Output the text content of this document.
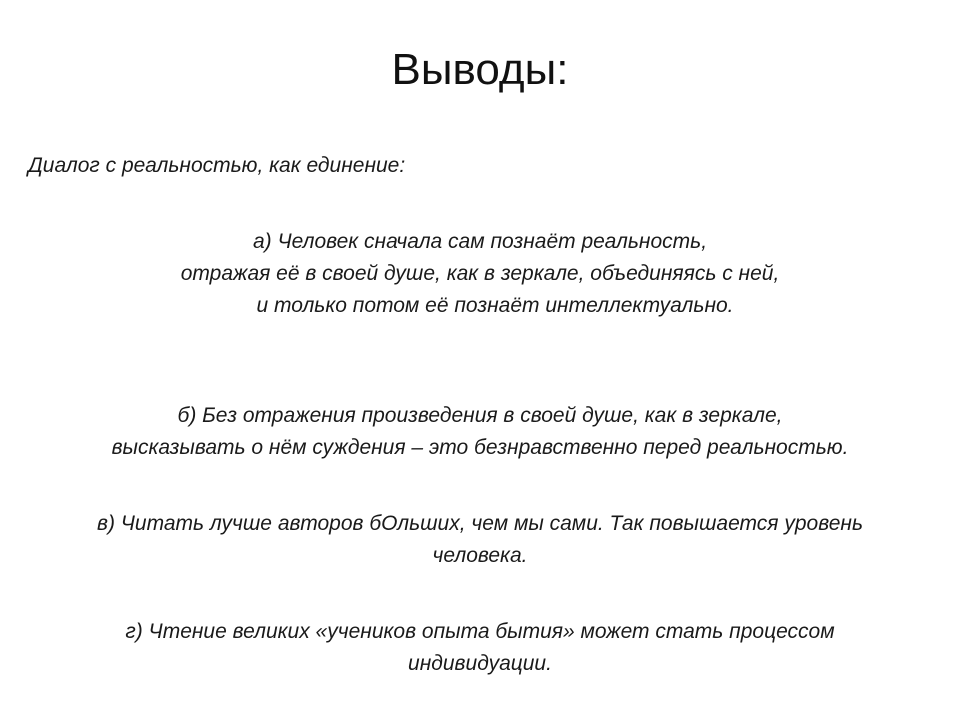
Выводы:
Диалог с реальностью, как единение:
а) Человек сначала сам познаёт реальность,
отражая её в своей душе, как в зеркале, объединяясь с ней,
и только потом её познаёт интеллектуально.
б) Без отражения произведения в своей душе, как в зеркале,
высказывать о нём суждения – это безнравственно перед реальностью.
в) Читать лучше авторов бОльших, чем мы сами. Так повышается уровень
человека.
г) Чтение великих «учеников опыта бытия» может стать процессом
индивидуации.
